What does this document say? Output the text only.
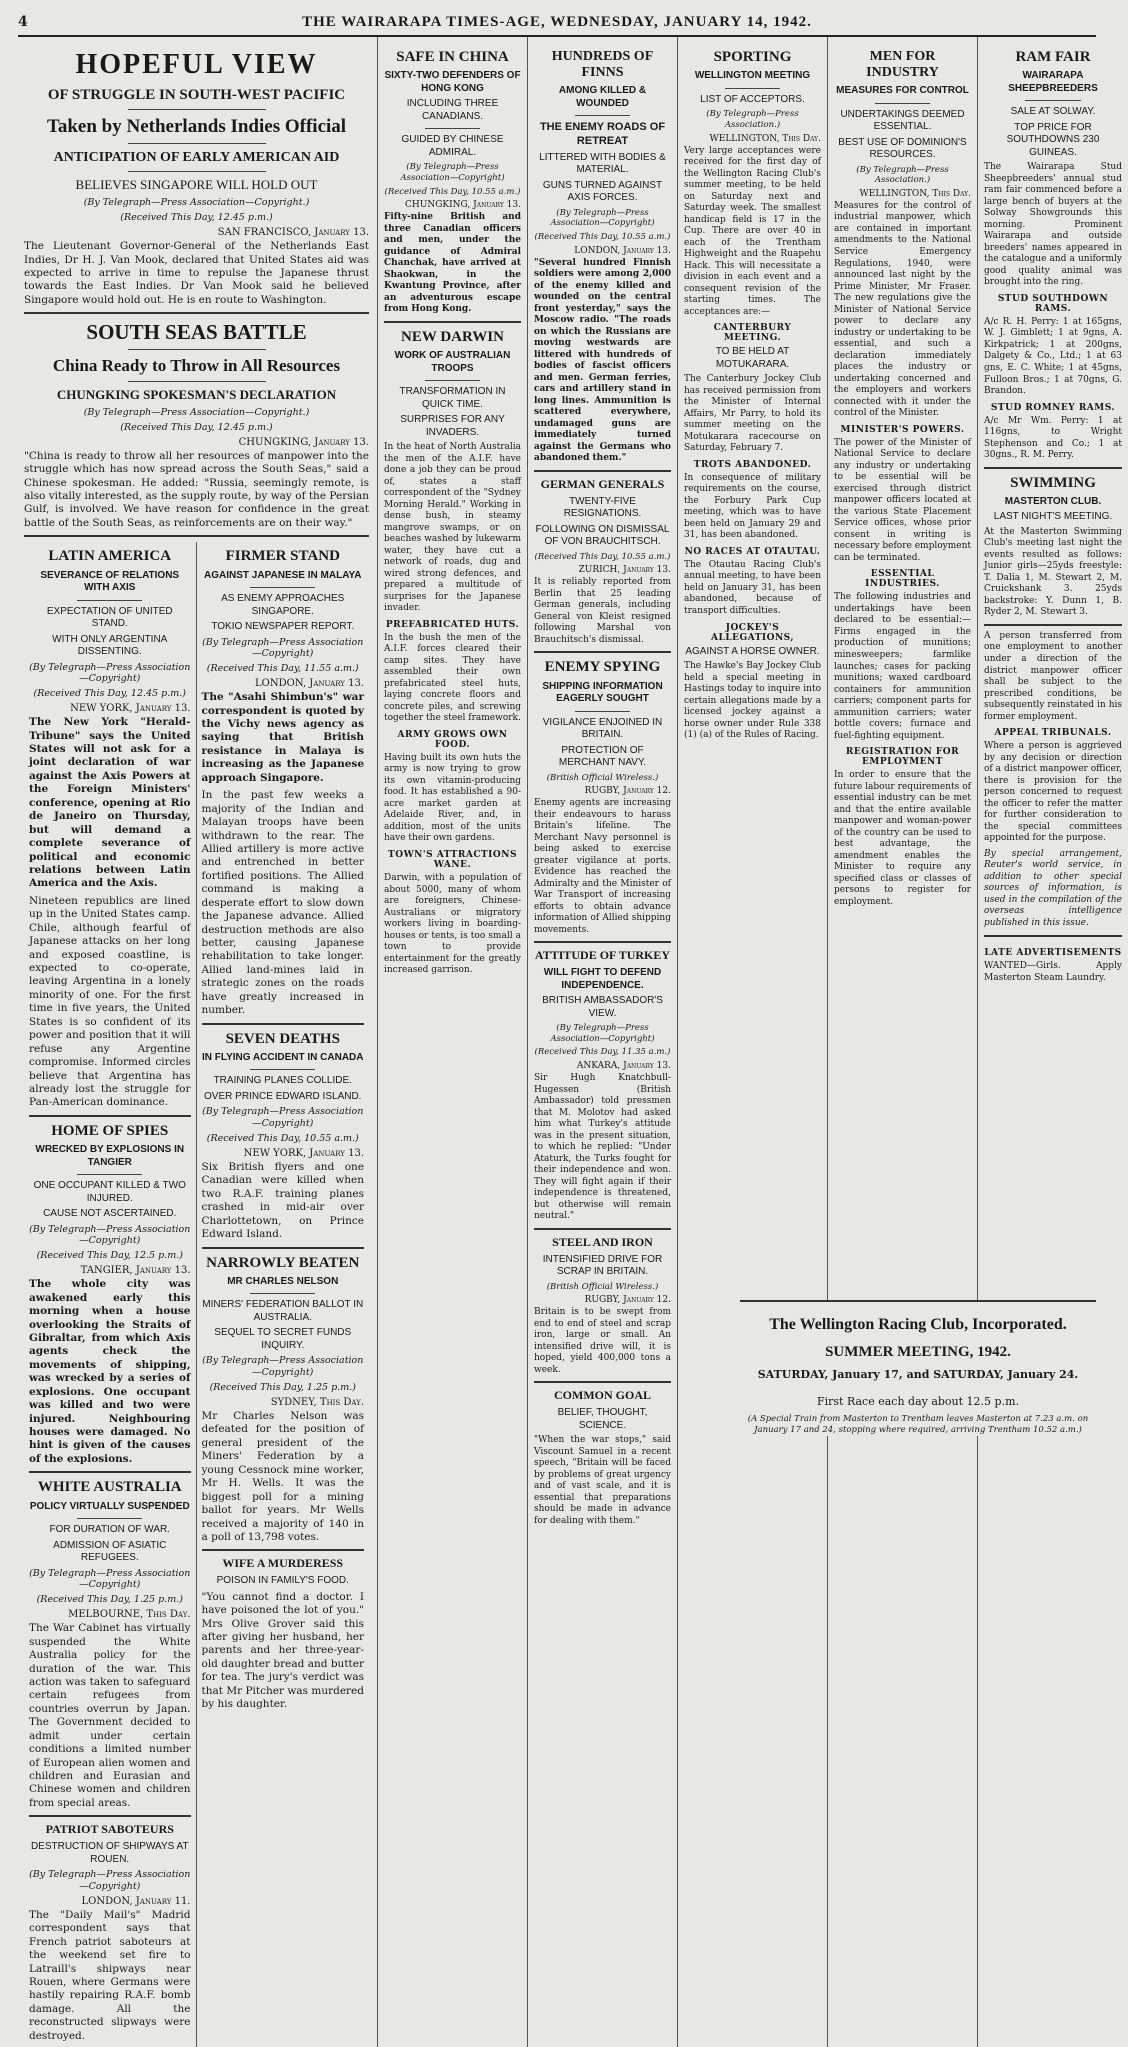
4	THE WAIRARAPA TIMES-AGE, WEDNESDAY, JANUARY 14, 1942.
HOPEFUL VIEW
OF STRUGGLE IN SOUTH-WEST PACIFIC
Taken by Netherlands Indies Official
ANTICIPATION OF EARLY AMERICAN AID
BELIEVES SINGAPORE WILL HOLD OUT
(By Telegraph—Press Association—Copyright.)
(Received This Day, 12.45 p.m.)
SAN FRANCISCO, January 13.

The Lieutenant Governor-General of the Netherlands East Indies, Dr H. J. Van Mook, declared that United States aid was expected to arrive in time to repulse the Japanese thrust towards the East Indies. Dr Van Mook said he believed Singapore would hold out. He is en route to Washington.

SOUTH SEAS BATTLE
China Ready to Throw in All Resources
CHUNGKING SPOKESMAN'S DECLARATION
(By Telegraph—Press Association—Copyright.)
(Received This Day, 12.45 p.m.)
CHUNGKING, January 13.

"China is ready to throw all her resources of manpower into the struggle which has now spread across the South Seas," said a Chinese spokesman. He added: "Russia, seemingly remote, is also vitally interested, as the supply route, by way of the Persian Gulf, is involved. We have reason for confidence in the great battle of the South Seas, as reinforcements are on their way."

LATIN AMERICA
SEVERANCE OF RELATIONS WITH AXIS
EXPECTATION OF UNITED STAND.
WITH ONLY ARGENTINA DISSENTING.
(By Telegraph—Press Association—Copyright)
(Received This Day, 12.45 p.m.)
NEW YORK, January 13.

The New York "Herald-Tribune" says the United States will not ask for a joint declaration of war against the Axis Powers at the Foreign Ministers' conference, opening at Rio de Janeiro on Thursday, but will demand a complete severance of political and economic relations between Latin America and the Axis.

Nineteen republics are lined up in the United States camp. Chile, although fearful of Japanese attacks on her long and exposed coastline, is expected to co-operate, leaving Argentina in a lonely minority of one. For the first time in five years, the United States is so confident of its power and position that it will refuse any Argentine compromise. Informed circles believe that Argentina has already lost the struggle for Pan-American dominance.

HOME OF SPIES
WRECKED BY EXPLOSIONS IN TANGIER
ONE OCCUPANT KILLED & TWO INJURED.
CAUSE NOT ASCERTAINED.
(By Telegraph—Press Association—Copyright)
(Received This Day, 12.5 p.m.)
TANGIER, January 13.

The whole city was awakened early this morning when a house overlooking the Straits of Gibraltar, from which Axis agents check the movements of shipping, was wrecked by a series of explosions. One occupant was killed and two were injured. Neighbouring houses were damaged. No hint is given of the causes of the explosions.

WHITE AUSTRALIA
POLICY VIRTUALLY SUSPENDED
FOR DURATION OF WAR.
ADMISSION OF ASIATIC REFUGEES.
(By Telegraph—Press Association—Copyright)
(Received This Day, 1.25 p.m.)
MELBOURNE, This Day.

The War Cabinet has virtually suspended the White Australia policy for the duration of the war. This action was taken to safeguard certain refugees from countries overrun by Japan. The Government decided to admit under certain conditions a limited number of European alien women and children and Eurasian and Chinese women and children from special areas.

PATRIOT SABOTEURS
DESTRUCTION OF SHIPWAYS AT ROUEN.
(By Telegraph—Press Association—Copyright)
LONDON, January 11.

The "Daily Mail's" Madrid correspondent says that French patriot saboteurs at the weekend set fire to Latraill's shipways near Rouen, where Germans were hastily repairing R.A.F. bomb damage. All the reconstructed slipways were destroyed.

FIRMER STAND
AGAINST JAPANESE IN MALAYA
AS ENEMY APPROACHES SINGAPORE.
TOKIO NEWSPAPER REPORT.
(By Telegraph—Press Association—Copyright)
(Received This Day, 11.55 a.m.)
LONDON, January 13.

The "Asahi Shimbun's" war correspondent is quoted by the Vichy news agency as saying that British resistance in Malaya is increasing as the Japanese approach Singapore.

In the past few weeks a majority of the Indian and Malayan troops have been withdrawn to the rear. The Allied artillery is more active and entrenched in better fortified positions. The Allied command is making a desperate effort to slow down the Japanese advance. Allied destruction methods are also better, causing Japanese rehabilitation to take longer. Allied land-mines laid in strategic zones on the roads have greatly increased in number.

SEVEN DEATHS
IN FLYING ACCIDENT IN CANADA
TRAINING PLANES COLLIDE.
OVER PRINCE EDWARD ISLAND.
(By Telegraph—Press Association—Copyright)
(Received This Day, 10.55 a.m.)
NEW YORK, January 13.

Six British flyers and one Canadian were killed when two R.A.F. training planes crashed in mid-air over Charlottetown, on Prince Edward Island.

NARROWLY BEATEN
MR CHARLES NELSON
MINERS' FEDERATION BALLOT IN AUSTRALIA.
SEQUEL TO SECRET FUNDS INQUIRY.
(By Telegraph—Press Association—Copyright)
(Received This Day, 1.25 p.m.)
SYDNEY, This Day.

Mr Charles Nelson was defeated for the position of general president of the Miners' Federation by a young Cessnock mine worker, Mr H. Wells. It was the biggest poll for a mining ballot for years. Mr Wells received a majority of 140 in a poll of 13,798 votes.

WIFE A MURDERESS
POISON IN FAMILY'S FOOD.

"You cannot find a doctor. I have poisoned the lot of you." Mrs Olive Grover said this after giving her husband, her parents and her three-year-old daughter bread and butter for tea. The jury's verdict was that Mr Pitcher was murdered by his daughter.

SAFE IN CHINA
SIXTY-TWO DEFENDERS OF HONG KONG
INCLUDING THREE CANADIANS.
GUIDED BY CHINESE ADMIRAL.
(By Telegraph—Press Association—Copyright)
(Received This Day, 10.55 a.m.)
CHUNGKING, January 13.

Fifty-nine British and three Canadian officers and men, under the guidance of Admiral Chanchak, have arrived at Shaokwan, in the Kwantung Province, after an adventurous escape from Hong Kong.

NEW DARWIN
WORK OF AUSTRALIAN TROOPS
TRANSFORMATION IN QUICK TIME.
SURPRISES FOR ANY INVADERS.

In the heat of North Australia the men of the A.I.F. have done a job they can be proud of, states a staff correspondent of the "Sydney Morning Herald." Working in dense bush, in steamy mangrove swamps, or on beaches washed by lukewarm water, they have cut a network of roads, dug and wired strong defences, and prepared a multitude of surprises for the Japanese invader.

PREFABRICATED HUTS.

In the bush the men of the A.I.F. forces cleared their camp sites. They have assembled their own prefabricated steel huts, laying concrete floors and concrete piles, and screwing together the steel framework.

ARMY GROWS OWN FOOD.

Having built its own huts the army is now trying to grow its own vitamin-producing food. It has established a 90-acre market garden at Adelaide River, and, in addition, most of the units have their own gardens.

TOWN'S ATTRACTIONS WANE.

Darwin, with a population of about 5000, many of whom are foreigners, Chinese-Australians or migratory workers living in boarding-houses or tents, is too small a town to provide entertainment for the greatly increased garrison.

HUNDREDS OF FINNS
AMONG KILLED & WOUNDED
THE ENEMY ROADS OF RETREAT
LITTERED WITH BODIES & MATERIAL.
GUNS TURNED AGAINST AXIS FORCES.
(By Telegraph—Press Association—Copyright)
(Received This Day, 10.55 a.m.)
LONDON, January 13.

"Several hundred Finnish soldiers were among 2,000 of the enemy killed and wounded on the central front yesterday," says the Moscow radio. "The roads on which the Russians are moving westwards are littered with hundreds of bodies of fascist officers and men. German ferries, cars and artillery stand in long lines. Ammunition is scattered everywhere, undamaged guns are immediately turned against the Germans who abandoned them."

GERMAN GENERALS
TWENTY-FIVE RESIGNATIONS.
FOLLOWING ON DISMISSAL OF VON BRAUCHITSCH.
(Received This Day, 10.55 a.m.)
ZURICH, January 13.

It is reliably reported from Berlin that 25 leading German generals, including General von Kleist resigned following Marshal von Brauchitsch's dismissal.

ENEMY SPYING
SHIPPING INFORMATION EAGERLY SOUGHT
VIGILANCE ENJOINED IN BRITAIN.
PROTECTION OF MERCHANT NAVY.
(British Official Wireless.)
RUGBY, January 12.

Enemy agents are increasing their endeavours to harass Britain's lifeline. The Merchant Navy personnel is being asked to exercise greater vigilance at ports. Evidence has reached the Admiralty and the Minister of War Transport of increasing efforts to obtain advance information of Allied shipping movements.

ATTITUDE OF TURKEY
WILL FIGHT TO DEFEND INDEPENDENCE.
BRITISH AMBASSADOR'S VIEW.
(By Telegraph—Press Association—Copyright)
(Received This Day, 11.35 a.m.)
ANKARA, January 13.

Sir Hugh Knatchbull-Hugessen (British Ambassador) told pressmen that M. Molotov had asked him what Turkey's attitude was in the present situation, to which he replied: "Under Ataturk, the Turks fought for their independence and won. They will fight again if their independence is threatened, but otherwise will remain neutral."

STEEL AND IRON
INTENSIFIED DRIVE FOR SCRAP IN BRITAIN.
(British Official Wireless.)
RUGBY, January 12.

Britain is to be swept from end to end of steel and scrap iron, large or small. An intensified drive will, it is hoped, yield 400,000 tons a week.

COMMON GOAL
BELIEF, THOUGHT, SCIENCE.

"When the war stops," said Viscount Samuel in a recent speech, "Britain will be faced by problems of great urgency and of vast scale, and it is essential that preparations should be made in advance for dealing with them."

SPORTING
WELLINGTON MEETING
LIST OF ACCEPTORS.
(By Telegraph—Press Association.)
WELLINGTON, This Day.

Very large acceptances were received for the first day of the Wellington Racing Club's summer meeting, to be held on Saturday next and Saturday week. The smallest handicap field is 17 in the Cup. There are over 40 in each of the Trentham Highweight and the Ruapehu Hack. This will necessitate a division in each event and a consequent revision of the starting times. The acceptances are:—

CANTERBURY MEETING.
TO BE HELD AT MOTUKARARA.

The Canterbury Jockey Club has received permission from the Minister of Internal Affairs, Mr Parry, to hold its summer meeting on the Motukarara racecourse on Saturday, February 7.

TROTS ABANDONED.

In consequence of military requirements on the course, the Forbury Park Cup meeting, which was to have been held on January 29 and 31, has been abandoned.

NO RACES AT OTAUTAU.

The Otautau Racing Club's annual meeting, to have been held on January 31, has been abandoned, because of transport difficulties.

JOCKEY'S ALLEGATIONS,
AGAINST A HORSE OWNER.

The Hawke's Bay Jockey Club held a special meeting in Hastings today to inquire into certain allegations made by a licensed jockey against a horse owner under Rule 338 (1) (a) of the Rules of Racing.

MEN FOR INDUSTRY
MEASURES FOR CONTROL
UNDERTAKINGS DEEMED ESSENTIAL.
BEST USE OF DOMINION'S RESOURCES.
(By Telegraph—Press Association.)
WELLINGTON, This Day.

Measures for the control of industrial manpower, which are contained in important amendments to the National Service Emergency Regulations, 1940, were announced last night by the Prime Minister, Mr Fraser. The new regulations give the Minister of National Service power to declare any industry or undertaking to be essential, and such a declaration immediately places the industry or undertaking concerned and the employers and workers connected with it under the control of the Minister.

MINISTER'S POWERS.

The power of the Minister of National Service to declare any industry or undertaking to be essential will be exercised through district manpower officers located at the various State Placement Service offices, whose prior consent in writing is necessary before employment can be terminated.

ESSENTIAL INDUSTRIES.

The following industries and undertakings have been declared to be essential:—Firms engaged in the production of munitions; minesweepers; farmlike launches; cases for packing munitions; waxed cardboard containers for ammunition carriers; component parts for ammunition carriers; water bottle covers; furnace and fuel-fighting equipment.

REGISTRATION FOR EMPLOYMENT

In order to ensure that the future labour requirements of essential industry can be met and that the entire available manpower and woman-power of the country can be used to best advantage, the amendment enables the Minister to require any specified class or classes of persons to register for employment.

RAM FAIR
WAIRARAPA SHEEPBREEDERS
SALE AT SOLWAY.
TOP PRICE FOR SOUTHDOWNS 230 GUINEAS.

The Wairarapa Stud Sheepbreeders' annual stud ram fair commenced before a large bench of buyers at the Solway Showgrounds this morning. Prominent Wairarapa and outside breeders' names appeared in the catalogue and a uniformly good quality animal was brought into the ring.

STUD SOUTHDOWN RAMS.

A/c R. H. Perry: 1 at 165gns, W. J. Gimblett; 1 at 9gns, A. Kirkpatrick; 1 at 200gns, Dalgety & Co., Ltd.; 1 at 63 gns, E. C. White; 1 at 45gns, Fulloon Bros.; 1 at 70gns, G. Brandon.

STUD ROMNEY RAMS.

A/c Mr Wm. Perry: 1 at 116gns, to Wright Stephenson and Co.; 1 at 30gns., R. M. Perry.

SWIMMING
MASTERTON CLUB.
LAST NIGHT'S MEETING.

At the Masterton Swimming Club's meeting last night the events resulted as follows: Junior girls—25yds freestyle: T. Dalia 1, M. Stewart 2, M. Cruickshank 3. 25yds backstroke: Y. Dunn 1, B. Ryder 2, M. Stewart 3.

A person transferred from one employment to another under a direction of the district manpower officer shall be subject to the prescribed conditions, be subsequently reinstated in his former employment.

APPEAL TRIBUNALS.

Where a person is aggrieved by any decision or direction of a district manpower officer, there is provision for the person concerned to request the officer to refer the matter for further consideration to the special committees appointed for the purpose.

By special arrangement, Reuter's world service, in addition to other special sources of information, is used in the compilation of the overseas intelligence published in this issue.

LATE ADVERTISEMENTS

WANTED—Girls. Apply Masterton Steam Laundry.

The Wellington Racing Club, Incorporated.
SUMMER MEETING, 1942.
SATURDAY, January 17, and SATURDAY, January 24.
First Race each day about 12.5 p.m.
(A Special Train from Masterton to Trentham leaves Masterton at 7.23 a.m. on January 17 and 24, stopping where required, arriving Trentham 10.52 a.m.)
